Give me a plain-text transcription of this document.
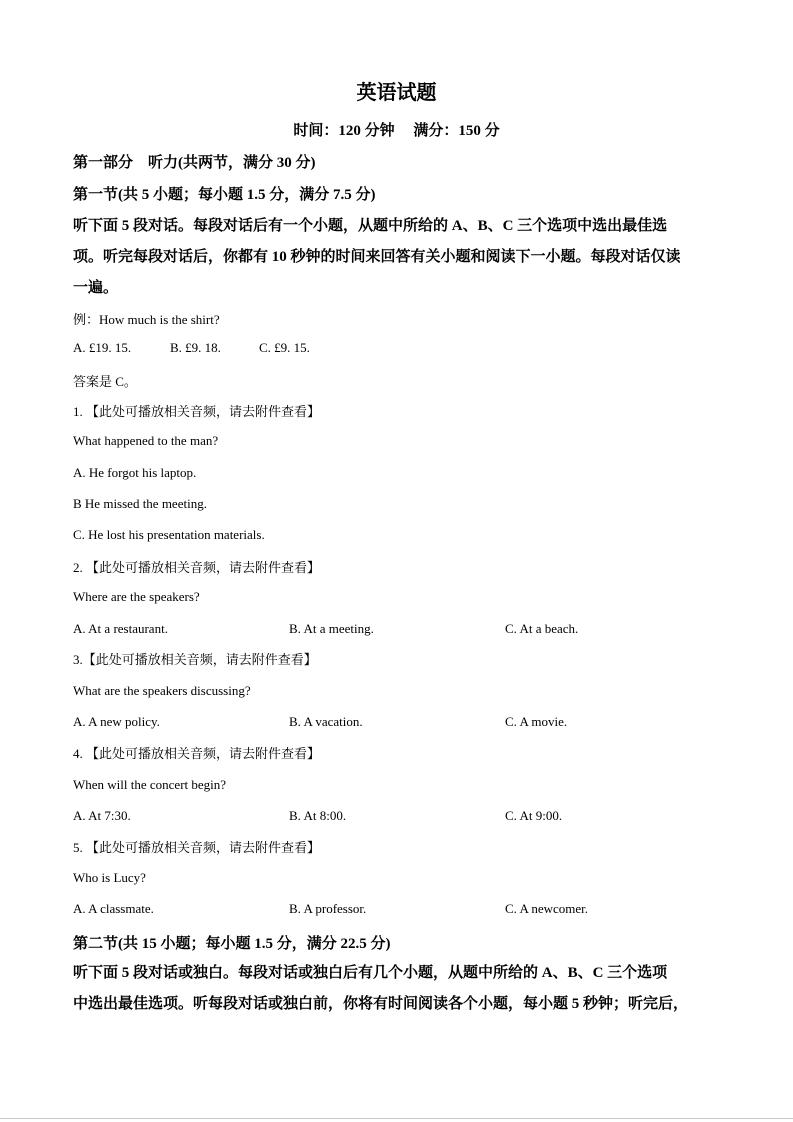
英语试题
时间：120 分钟　 满分：150 分
第一部分　听力(共两节，满分 30 分)
第一节(共 5 小题；每小题 1.5 分，满分 7.5 分)
听下面 5 段对话。每段对话后有一个小题，从题中所给的 A、B、C 三个选项中选出最佳选
项。听完每段对话后，你都有 10 秒钟的时间来回答有关小题和阅读下一小题。每段对话仅读
一遍。
例：How much is the shirt?
A. £19. 15.	B. £9. 18.	C. £9. 15.
答案是 C。
1. 【此处可播放相关音频，请去附件查看】
What happened to the man?
A. He forgot his laptop.
B He missed the meeting.
C. He lost his presentation materials.
2. 【此处可播放相关音频，请去附件查看】
Where are the speakers?
A. At a restaurant.	B. At a meeting.	C. At a beach.
3.【此处可播放相关音频，请去附件查看】
What are the speakers discussing?
A. A new policy.	B. A vacation.	C. A movie.
4. 【此处可播放相关音频，请去附件查看】
When will the concert begin?
A. At 7:30.	B. At 8:00.	C. At 9:00.
5. 【此处可播放相关音频，请去附件查看】
Who is Lucy?
A. A classmate.	B. A professor.	C. A newcomer.
第二节(共 15 小题；每小题 1.5 分，满分 22.5 分)
听下面 5 段对话或独白。每段对话或独白后有几个小题，从题中所给的 A、B、C 三个选项
中选出最佳选项。听每段对话或独白前，你将有时间阅读各个小题，每小题 5 秒钟；听完后，
